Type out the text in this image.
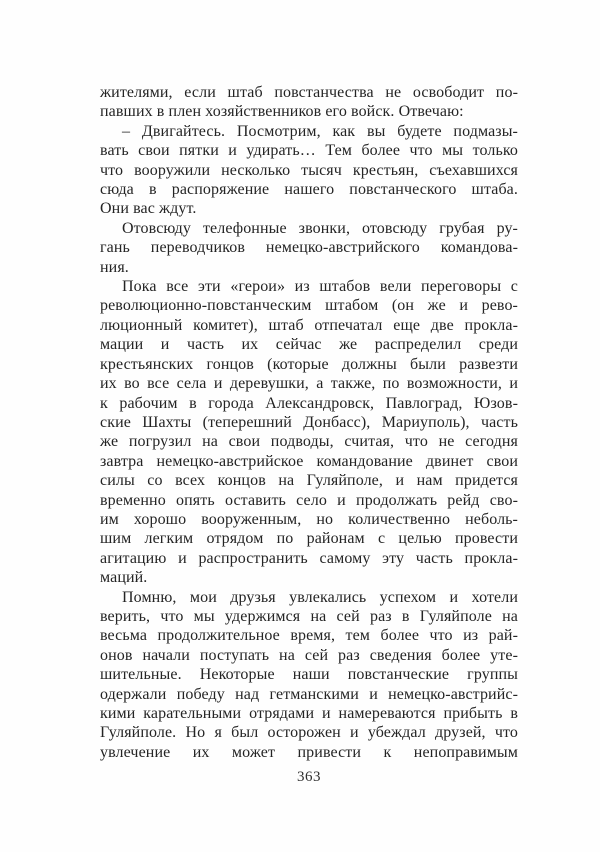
жителями, если штаб повстанчества не освободит по-
павших в плен хозяйственников его войск. Отвечаю:
– Двигайтесь. Посмотрим, как вы будете подмазы-
вать свои пятки и удирать… Тем более что мы только
что вооружили несколько тысяч крестьян, съехавшихся
сюда в распоряжение нашего повстанческого штаба.
Они вас ждут.
Отовсюду телефонные звонки, отовсюду грубая ру-
гань переводчиков немецко-австрийского командова-
ния.
Пока все эти «герои» из штабов вели переговоры с
революционно-повстанческим штабом (он же и рево-
люционный комитет), штаб отпечатал еще две прокла-
мации и часть их сейчас же распределил среди
крестьянских гонцов (которые должны были развезти
их во все села и деревушки, а также, по возможности, и
к рабочим в города Александровск, Павлоград, Юзов-
ские Шахты (теперешний Донбасс), Мариуполь), часть
же погрузил на свои подводы, считая, что не сегодня
завтра немецко-австрийское командование двинет свои
силы со всех концов на Гуляйполе, и нам придется
временно опять оставить село и продолжать рейд сво-
им хорошо вооруженным, но количественно неболь-
шим легким отрядом по районам с целью провести
агитацию и распространить самому эту часть прокла-
маций.
Помню, мои друзья увлекались успехом и хотели
верить, что мы удержимся на сей раз в Гуляйполе на
весьма продолжительное время, тем более что из рай-
онов начали поступать на сей раз сведения более уте-
шительные. Некоторые наши повстанческие группы
одержали победу над гетманскими и немецко-австрийс-
кими карательными отрядами и намереваются прибыть в
Гуляйполе. Но я был осторожен и убеждал друзей, что
увлечение их может привести к непоправимым
363
